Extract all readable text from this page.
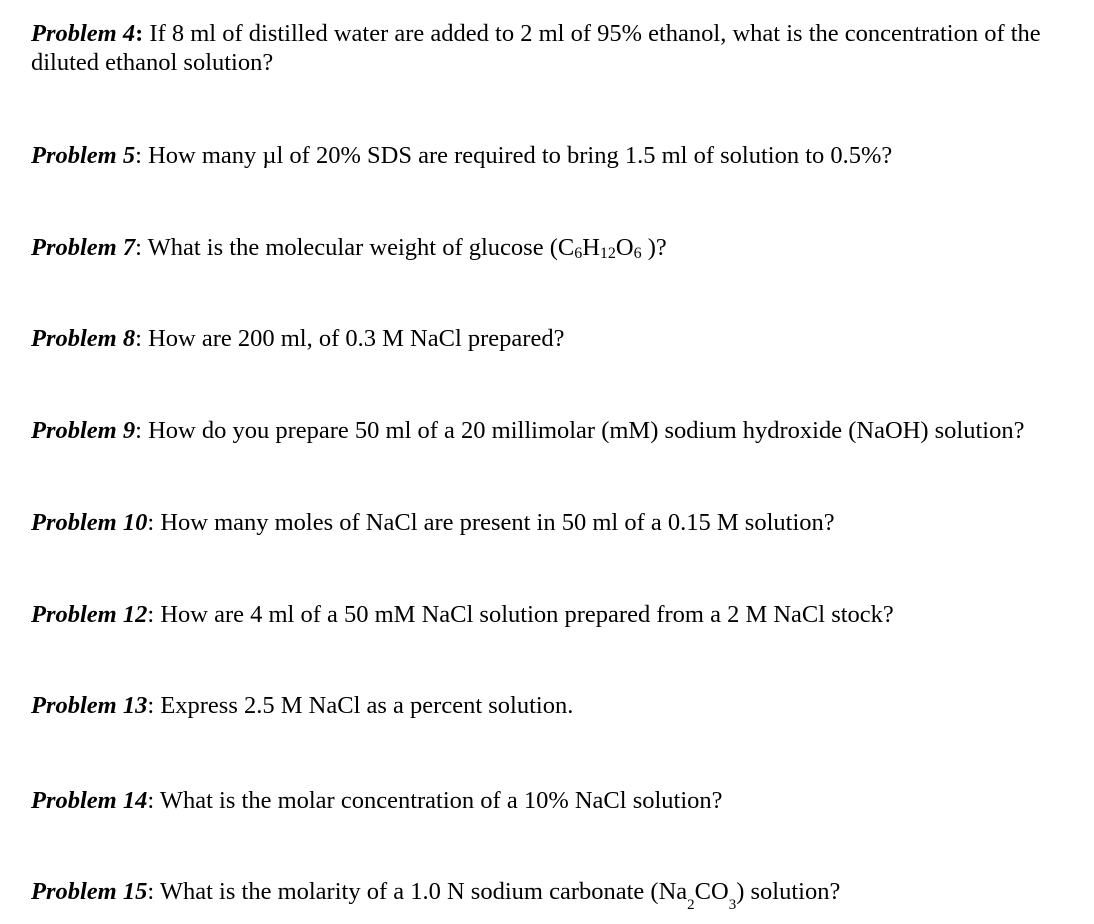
Problem 4: If 8 ml of distilled water are added to 2 ml of 95% ethanol, what is the concentration of the diluted ethanol solution?

Problem 5: How many µl of 20% SDS are required to bring 1.5 ml of solution to 0.5%?

Problem 7: What is the molecular weight of glucose (C6H12O6 )?

Problem 8: How are 200 ml, of 0.3 M NaCl prepared?

Problem 9: How do you prepare 50 ml of a 20 millimolar (mM) sodium hydroxide (NaOH) solution?

Problem 10: How many moles of NaCl are present in 50 ml of a 0.15 M solution?

Problem 12: How are 4 ml of a 50 mM NaCl solution prepared from a 2 M NaCl stock?

Problem 13: Express 2.5 M NaCl as a percent solution.

Problem 14: What is the molar concentration of a 10% NaCl solution?

Problem 15: What is the molarity of a 1.0 N sodium carbonate $(Na_2CO_3)$ solution?
